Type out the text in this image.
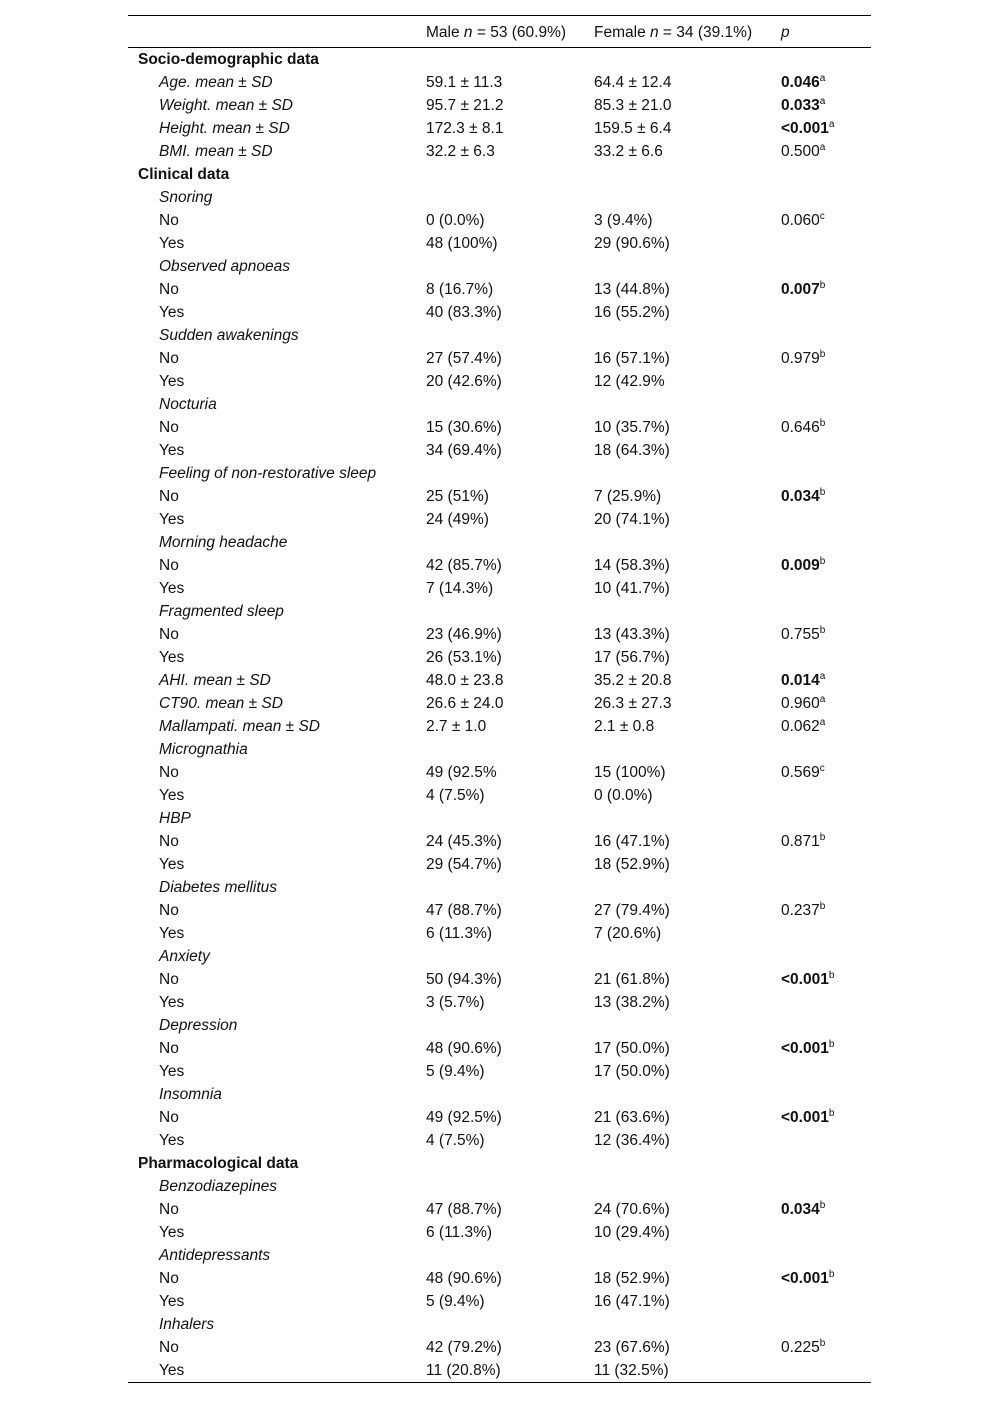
Male n = 53 (60.9%) Female n = 34 (39.1%) p
Socio-demographic data
Age. mean ± SD	59.1 ± 11.3	64.4 ± 12.4	0.046$^a$
Weight. mean ± SD	95.7 ± 21.2	85.3 ± 21.0	0.033$^a$
Height. mean ± SD	172.3 ± 8.1	159.5 ± 6.4	<0.001$^a$
BMI. mean ± SD	32.2 ± 6.3	33.2 ± 6.6	0.500$^a$
Clinical data
Snoring
No	0 (0.0%)	3 (9.4%)	0.060$^c$
Yes	48 (100%)	29 (90.6%)
Observed apnoeas
No	8 (16.7%)	13 (44.8%)	0.007$^b$
Yes	40 (83.3%)	16 (55.2%)
Sudden awakenings
No	27 (57.4%)	16 (57.1%)	0.979$^b$
Yes	20 (42.6%)	12 (42.9%
Nocturia
No	15 (30.6%)	10 (35.7%)	0.646$^b$
Yes	34 (69.4%)	18 (64.3%)
Feeling of non-restorative sleep
No	25 (51%)	7 (25.9%)	0.034$^b$
Yes	24 (49%)	20 (74.1%)
Morning headache
No	42 (85.7%)	14 (58.3%)	0.009$^b$
Yes	7 (14.3%)	10 (41.7%)
Fragmented sleep
No	23 (46.9%)	13 (43.3%)	0.755$^b$
Yes	26 (53.1%)	17 (56.7%)
AHI. mean ± SD	48.0 ± 23.8	35.2 ± 20.8	0.014$^a$
CT90. mean ± SD	26.6 ± 24.0	26.3 ± 27.3	0.960$^a$
Mallampati. mean ± SD	2.7 ± 1.0	2.1 ± 0.8	0.062$^a$
Micrognathia
No	49 (92.5%	15 (100%)	0.569$^c$
Yes	4 (7.5%)	0 (0.0%)
HBP
No	24 (45.3%)	16 (47.1%)	0.871$^b$
Yes	29 (54.7%)	18 (52.9%)
Diabetes mellitus
No	47 (88.7%)	27 (79.4%)	0.237$^b$
Yes	6 (11.3%)	7 (20.6%)
Anxiety
No	50 (94.3%)	21 (61.8%)	<0.001$^b$
Yes	3 (5.7%)	13 (38.2%)
Depression
No	48 (90.6%)	17 (50.0%)	<0.001$^b$
Yes	5 (9.4%)	17 (50.0%)
Insomnia
No	49 (92.5%)	21 (63.6%)	<0.001$^b$
Yes	4 (7.5%)	12 (36.4%)
Pharmacological data
Benzodiazepines
No	47 (88.7%)	24 (70.6%)	0.034$^b$
Yes	6 (11.3%)	10 (29.4%)
Antidepressants
No	48 (90.6%)	18 (52.9%)	<0.001$^b$
Yes	5 (9.4%)	16 (47.1%)
Inhalers
No	42 (79.2%)	23 (67.6%)	0.225$^b$
Yes	11 (20.8%)	11 (32.5%)
